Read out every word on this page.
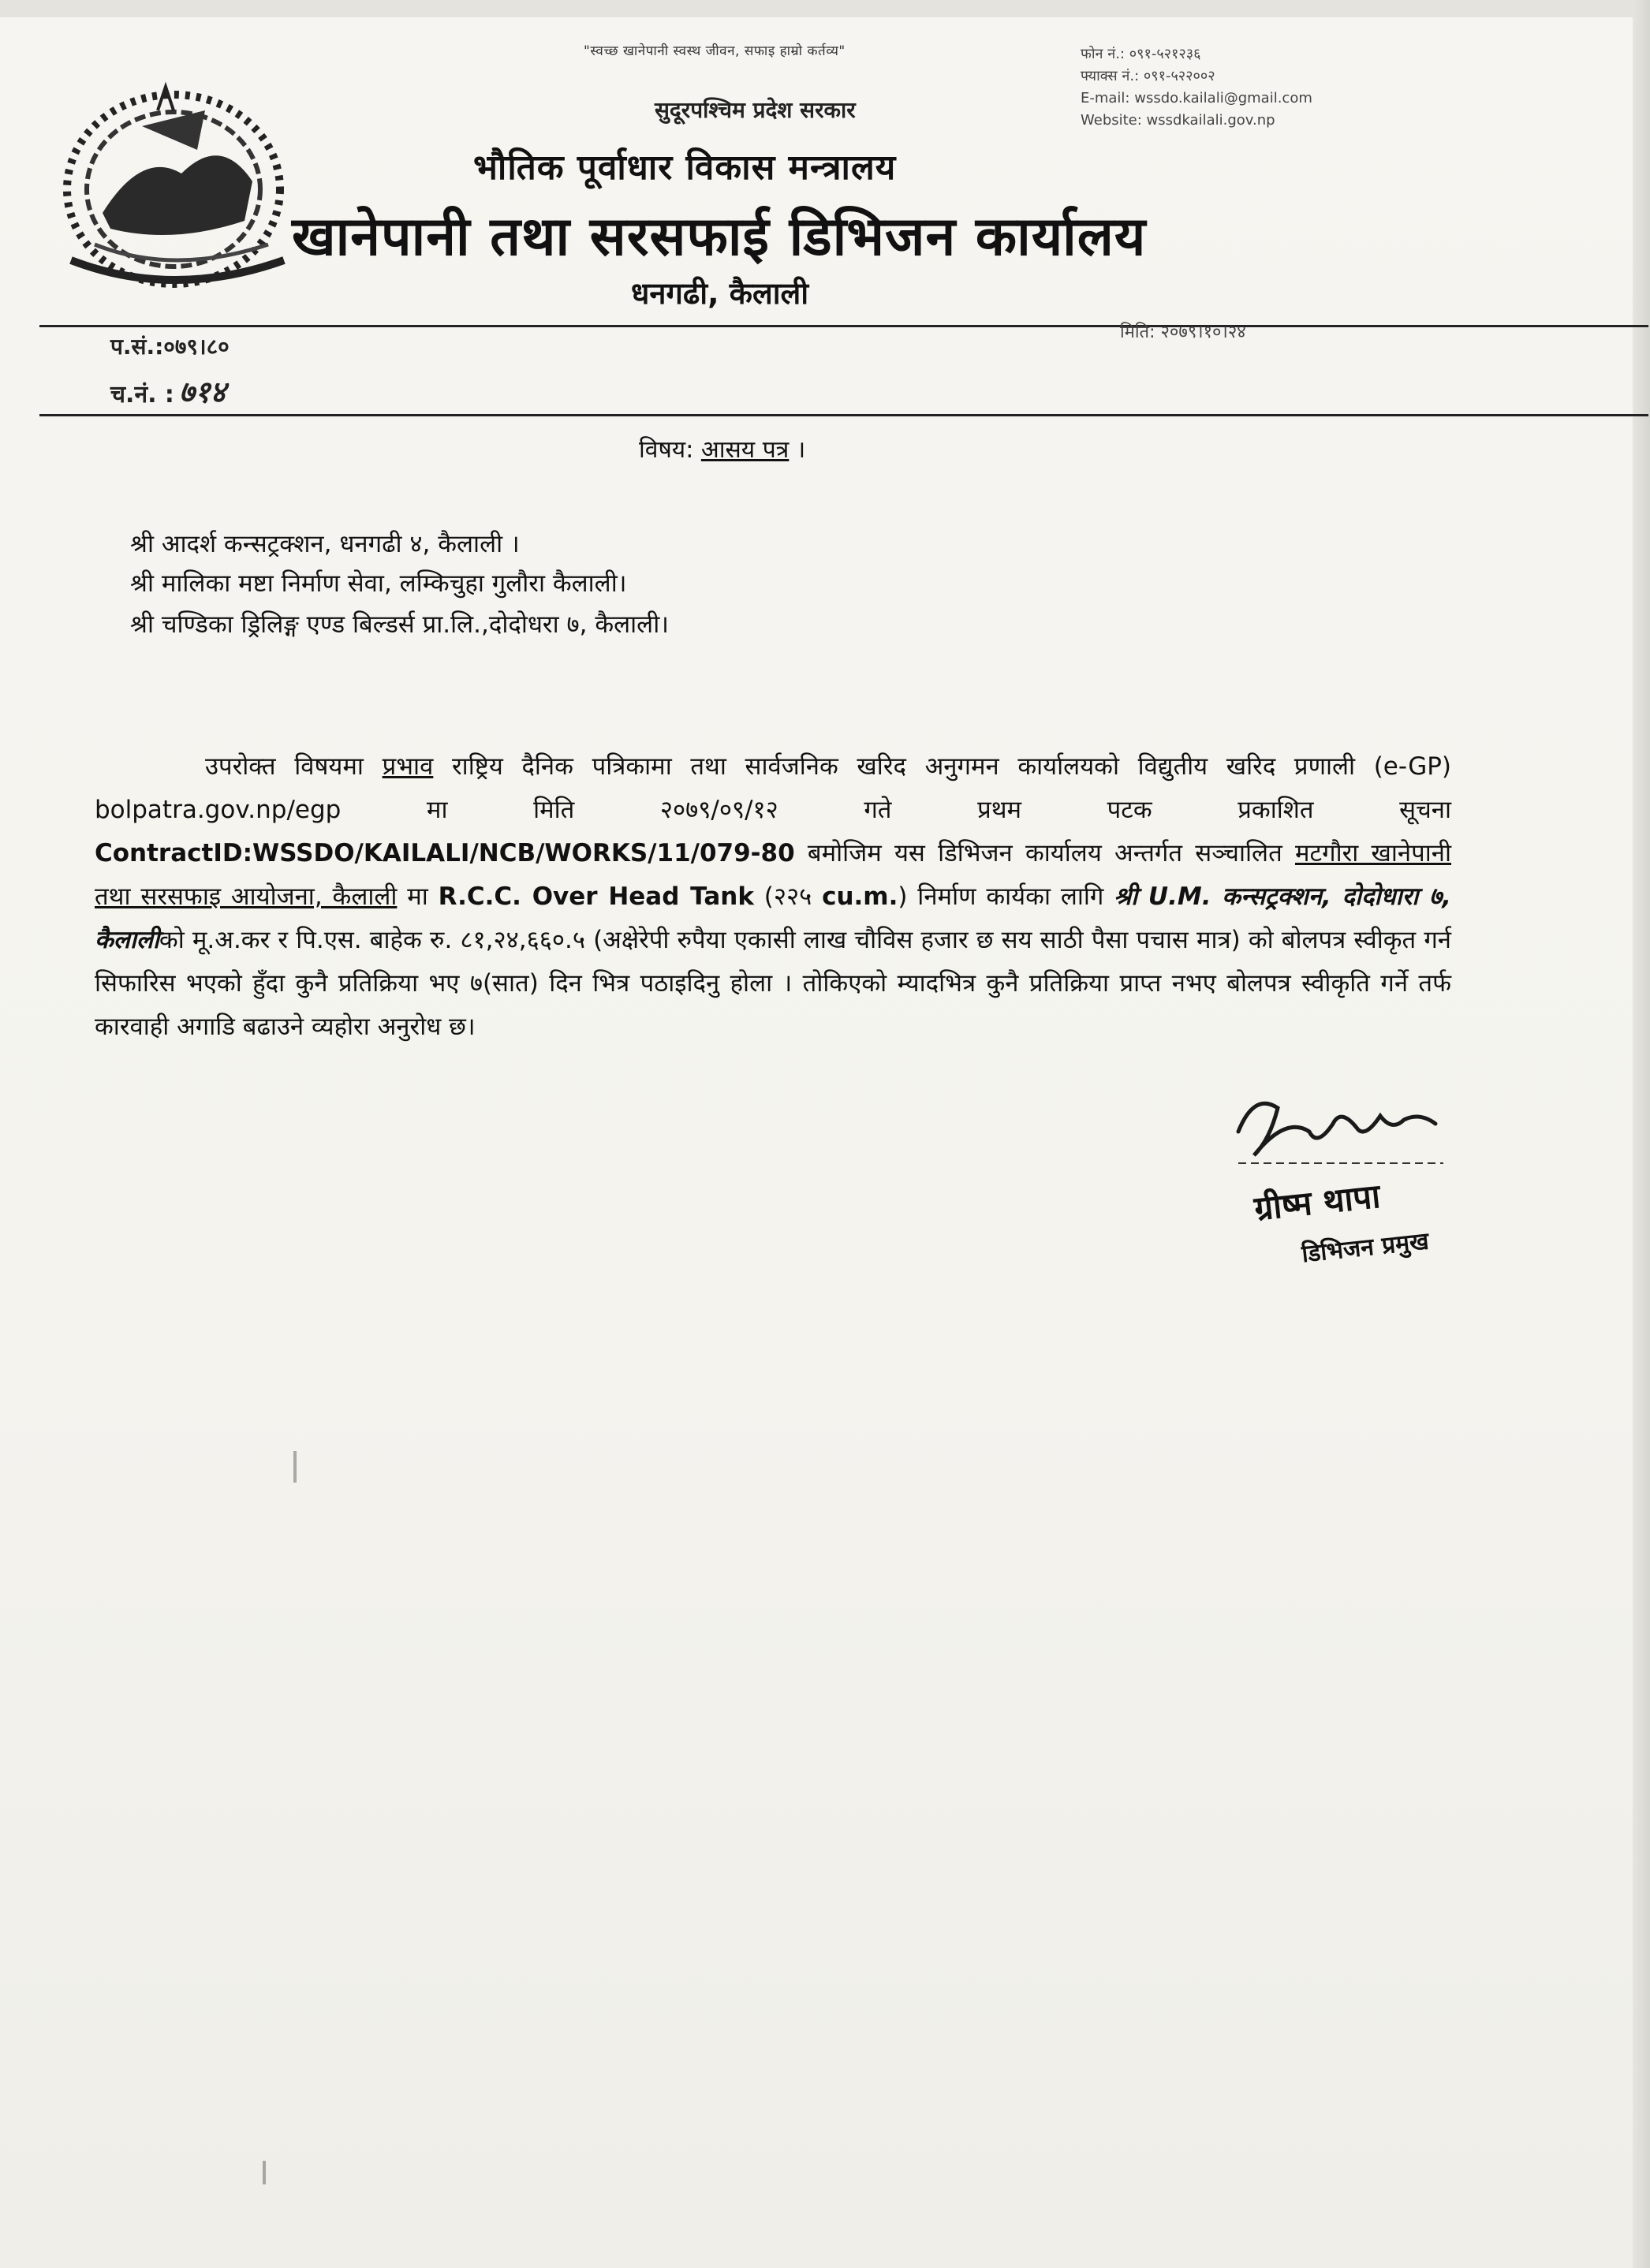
"स्वच्छ खानेपानी स्वस्थ जीवन, सफाइ हाम्रो कर्तव्य"
सुदूरपश्चिम प्रदेश सरकार
भौतिक पूर्वाधार विकास मन्त्रालय
खानेपानी तथा सरसफाई डिभिजन कार्यालय
धनगढी, कैलाली
फोन नं.: ०९१-५२१२३६
फ्याक्स नं.: ०९१-५२२००२
E-mail: wssdo.kailali@gmail.com
Website: wssdkailali.gov.np
प.सं.:०७९।८०
मिति: २०७९।१०।२४
च.नं. : ७१४
विषय: आसय पत्र ।
श्री आदर्श कन्सट्रक्शन, धनगढी ४, कैलाली ।
श्री मालिका मष्टा निर्माण सेवा, लम्किचुहा गुलौरा कैलाली।
श्री चण्डिका ड्रिलिङ्ग एण्ड बिल्डर्स प्रा.लि.,दोदोधरा ७, कैलाली।
उपरोक्त विषयमा प्रभाव राष्ट्रिय दैनिक पत्रिकामा तथा सार्वजनिक खरिद अनुगमन कार्यालयको विद्युतीय खरिद प्रणाली (e-GP) bolpatra.gov.np/egp मा मिति २०७९/०९/१२ गते प्रथम पटक प्रकाशित सूचना ContractID:WSSDO/KAILALI/NCB/WORKS/11/079-80 बमोजिम यस डिभिजन कार्यालय अन्तर्गत सञ्चालित मटगौरा खानेपानी तथा सरसफाइ आयोजना, कैलाली मा R.C.C. Over Head Tank (२२५ cu.m.) निर्माण कार्यका लागि श्री U.M. कन्सट्रक्शन, दोदोधारा ७, कैलालीको मू.अ.कर र पि.एस. बाहेक रु. ८१,२४,६६०.५ (अक्षेरेपी रुपैया एकासी लाख चौविस हजार छ सय साठी पैसा पचास मात्र) को बोलपत्र स्वीकृत गर्न सिफारिस भएको हुँदा कुनै प्रतिक्रिया भए ७(सात) दिन भित्र पठाइदिनु होला । तोकिएको म्यादभित्र कुनै प्रतिक्रिया प्राप्त नभए बोलपत्र स्वीकृति गर्ने तर्फ कारवाही अगाडि बढाउने व्यहोरा अनुरोध छ।
ग्रीष्म थापा
डिभिजन प्रमुख
